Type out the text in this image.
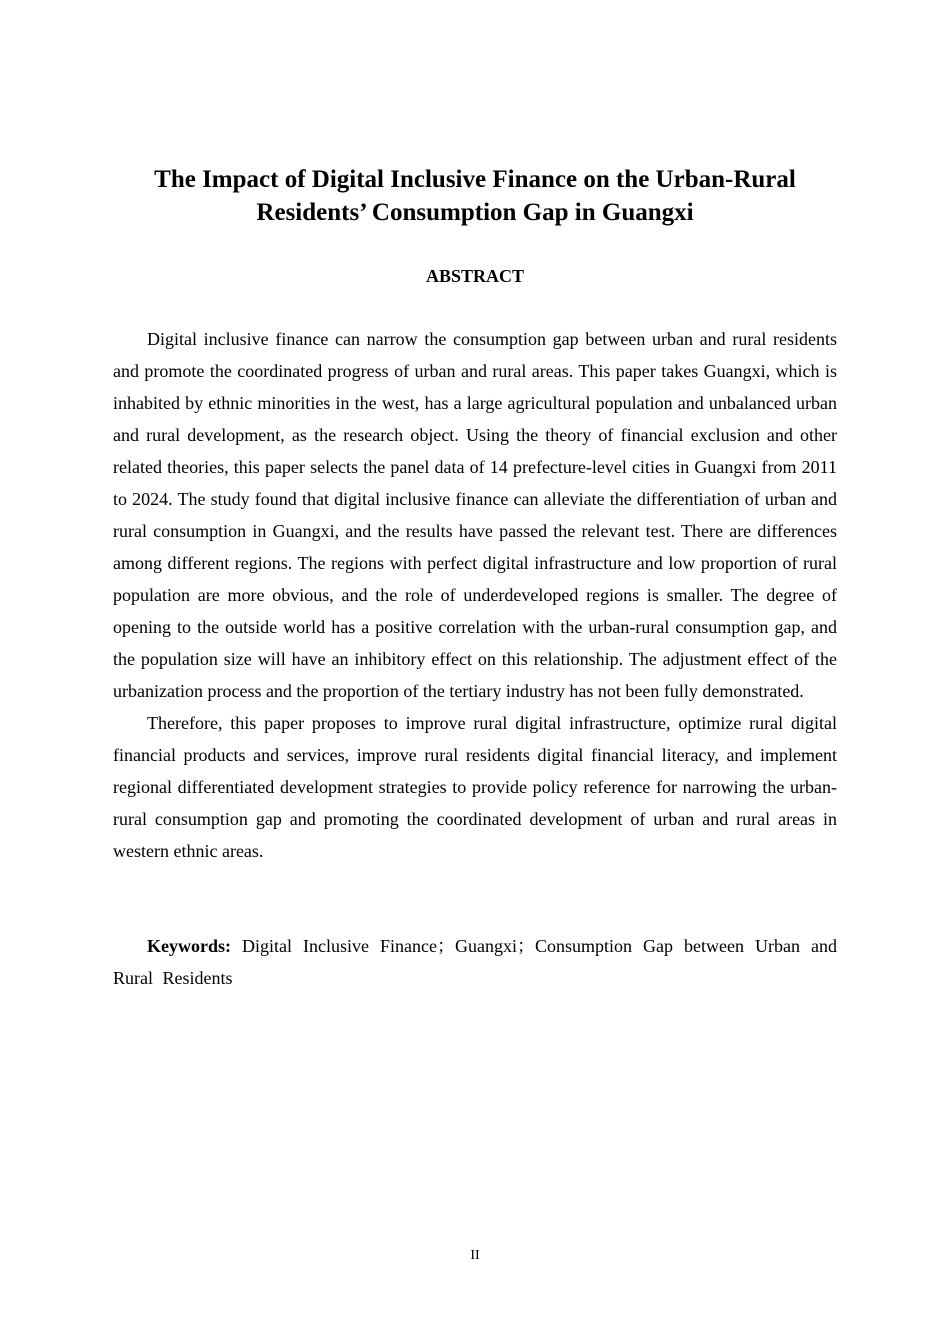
The Impact of Digital Inclusive Finance on the Urban-Rural
Residents’ Consumption Gap in Guangxi
ABSTRACT

Digital inclusive finance can narrow the consumption gap between urban and rural residents and promote the coordinated progress of urban and rural areas. This paper takes Guangxi, which is inhabited by ethnic minorities in the west, has a large agricultural population and unbalanced urban and rural development, as the research object. Using the theory of financial exclusion and other related theories, this paper selects the panel data of 14 prefecture-level cities in Guangxi from 2011 to 2024. The study found that digital inclusive finance can alleviate the differentiation of urban and rural consumption in Guangxi, and the results have passed the relevant test. There are differences among different regions. The regions with perfect digital infrastructure and low proportion of rural population are more obvious, and the role of underdeveloped regions is smaller. The degree of opening to the outside world has a positive correlation with the urban-rural consumption gap, and the population size will have an inhibitory effect on this relationship. The adjustment effect of the urbanization process and the proportion of the tertiary industry has not been fully demonstrated.

Therefore, this paper proposes to improve rural digital infrastructure, optimize rural digital financial products and services, improve rural residents digital financial literacy, and implement regional differentiated development strategies to provide policy reference for narrowing the urban-rural consumption gap and promoting the coordinated development of urban and rural areas in western ethnic areas.

Keywords: Digital Inclusive Finance；Guangxi；Consumption Gap between Urban and Rural Residents

II
